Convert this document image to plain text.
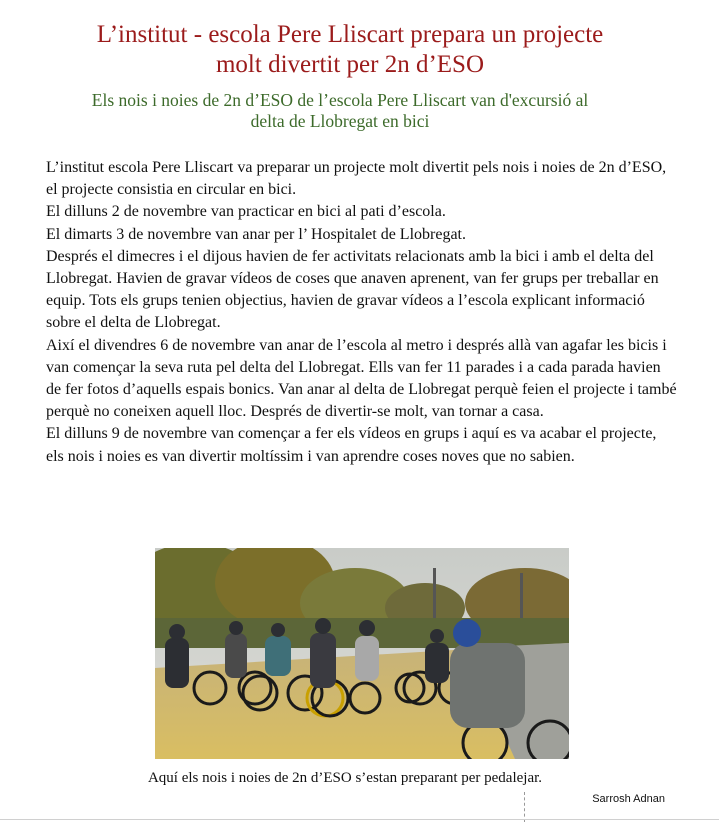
L’institut - escola Pere Lliscart prepara un projecte
molt divertit per 2n d’ESO
Els nois i noies de 2n d’ESO de l’escola Pere Lliscart van d'excursió al
delta de Llobregat en bici

L’institut escola Pere Lliscart va preparar un projecte molt divertit pels nois i noies de 2n d’ESO, el projecte consistia en circular en bici.

El dilluns 2 de novembre van practicar en bici al pati d’escola.

El dimarts 3 de novembre van anar per l’ Hospitalet de Llobregat.

Després el dimecres i el dijous havien de fer activitats relacionats amb la bici i amb el delta del Llobregat. Havien de gravar vídeos de coses que anaven aprenent, van fer grups per treballar en equip. Tots els grups tenien objectius, havien de gravar vídeos a l’escola explicant informació sobre el delta de Llobregat.

Així el divendres 6 de novembre van anar de l’escola al metro i després allà van agafar les bicis i van començar la seva ruta pel delta del Llobregat. Ells van fer 11 parades i a cada parada havien de fer fotos d’aquells espais bonics. Van anar al delta de Llobregat perquè feien el projecte i també perquè no coneixen aquell lloc. Després de divertir-se molt, van tornar a casa.

El dilluns 9 de novembre van començar a fer els vídeos en grups i aquí es va acabar el projecte, els nois i noies es van divertir moltíssim i van aprendre coses noves que no sabien.

Aquí els nois i noies de 2n d’ESO s’estan preparant per pedalejar.
Sarrosh Adnan
